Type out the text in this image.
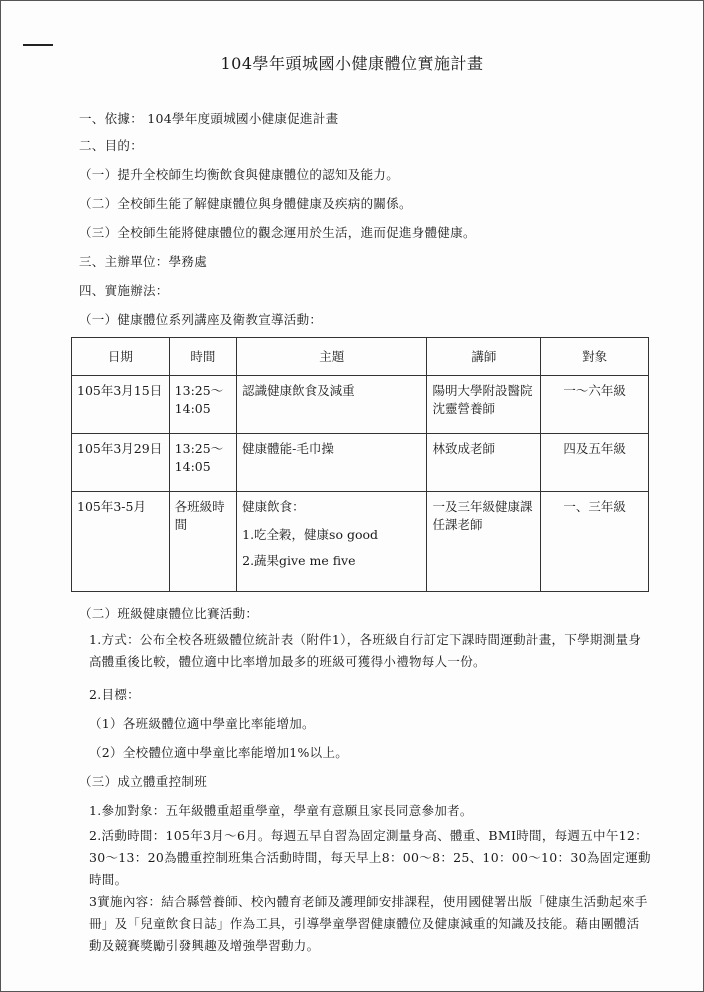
104學年頭城國小健康體位實施計畫
一、依據： 104學年度頭城國小健康促進計畫
二、目的：
（一）提升全校師生均衡飲食與健康體位的認知及能力。
（二）全校師生能了解健康體位與身體健康及疾病的關係。
（三）全校師生能將健康體位的觀念運用於生活，進而促進身體健康。
三、主辦單位：學務處
四、實施辦法：
（一）健康體位系列講座及衛教宣導活動：
日期	時間	主題	講師	對象
105年3月15日	13:25～14:05	認識健康飲食及減重	陽明大學附設醫院沈靈營養師	一～六年級
105年3月29日	13:25～14:05	健康體能-毛巾操	林致成老師	四及五年級
105年3-5月	各班級時間	健康飲食：
1.吃全穀，健康so good
2.蔬果give me five	一及三年級健康課任課老師	一、三年級
（二）班級健康體位比賽活動：
1.方式：公布全校各班級體位統計表（附件1），各班級自行訂定下課時間運動計畫，下學期測量身高體重後比較，體位適中比率增加最多的班級可獲得小禮物每人一份。
2.目標：
（1）各班級體位適中學童比率能增加。
（2）全校體位適中學童比率能增加1%以上。
（三）成立體重控制班
1.參加對象：五年級體重超重學童，學童有意願且家長同意參加者。
2.活動時間：105年3月～6月。每週五早自習為固定測量身高、體重、BMI時間，每週五中午12：30～13：20為體重控制班集合活動時間，每天早上8：00～8：25、10：00～10：30為固定運動時間。
3實施內容：結合縣營養師、校內體育老師及護理師安排課程，使用國健署出版「健康生活動起來手冊」及「兒童飲食日誌」作為工具，引導學童學習健康體位及健康減重的知識及技能。藉由團體活動及競賽獎勵引發興趣及增強學習動力。
